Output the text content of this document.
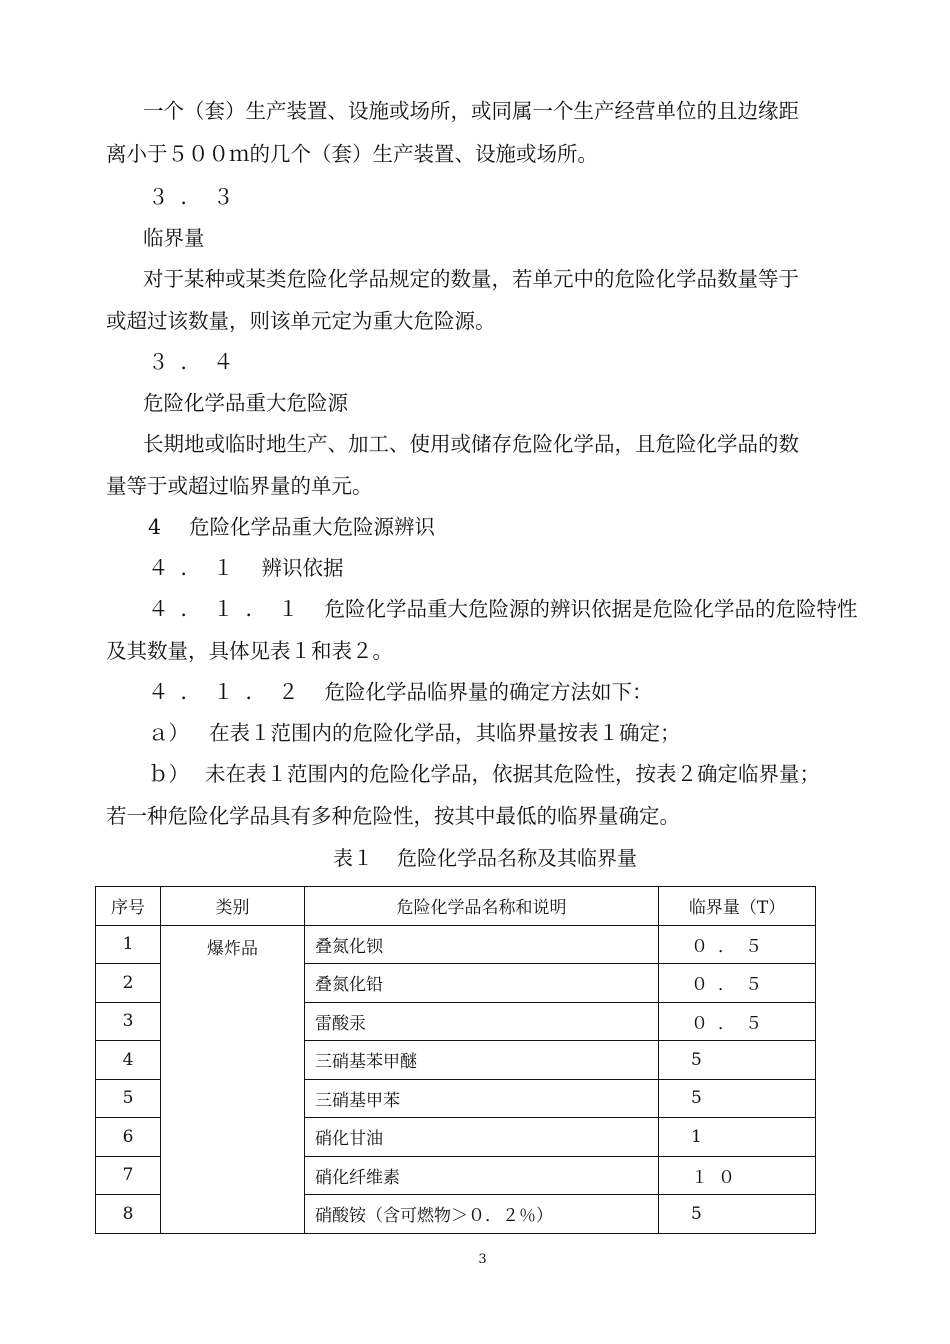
一个（套）生产装置、设施或场所，或同属一个生产经营单位的且边缘距

离小于５００ｍ的几个（套）生产装置、设施或场所。

３．３

临界量

对于某种或某类危险化学品规定的数量，若单元中的危险化学品数量等于

或超过该数量，则该单元定为重大危险源。

３．４

危险化学品重大危险源

长期地或临时地生产、加工、使用或储存危险化学品，且危险化学品的数

量等于或超过临界量的单元。

4 危险化学品重大危险源辨识

４．１ 辨识依据

４．１．１ 危险化学品重大危险源的辨识依据是危险化学品的危险特性

及其数量，具体见表１和表２。

４．１．２ 危险化学品临界量的确定方法如下：

ａ） 在表１范围内的危险化学品，其临界量按表１确定；

ｂ） 未在表１范围内的危险化学品，依据其危险性，按表２确定临界量；

若一种危险化学品具有多种危险性，按其中最低的临界量确定。

表１ 危险化学品名称及其临界量

序号	类别	危险化学品名称和说明	临界量（T）
1	爆炸品	叠氮化钡	０．５
2		叠氮化铅	０．５
3		雷酸汞	０．５
4		三硝基苯甲醚	5
5		三硝基甲苯	5
6		硝化甘油	1
7		硝化纤维素	１０
8		硝酸铵（含可燃物＞０．２％）	5

3
